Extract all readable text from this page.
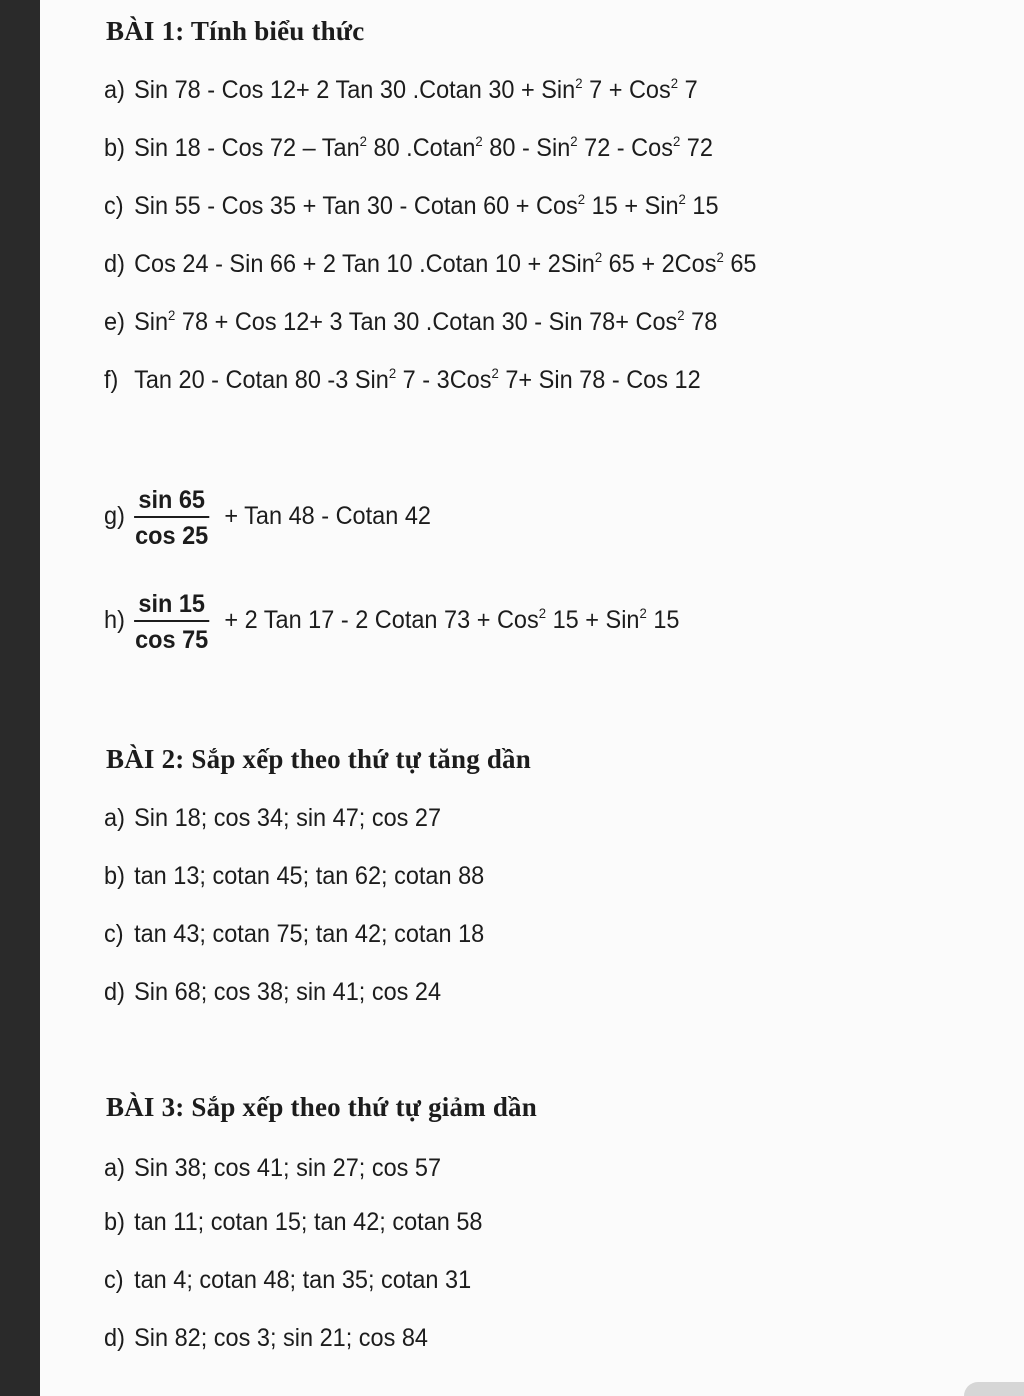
BÀI 1: Tính biểu thức
a) Sin 78 - Cos 12+ 2 Tan 30 .Cotan 30 + Sin$^2$ 7 + Cos$^2$ 7
b) Sin 18 - Cos 72 – Tan$^2$ 80 .Cotan$^2$ 80 - Sin$^2$ 72 - Cos$^2$ 72
c) Sin 55 - Cos 35 + Tan 30 - Cotan 60 + Cos$^2$ 15 + Sin$^2$ 15
d) Cos 24 - Sin 66 + 2 Tan 10 .Cotan 10 + 2Sin$^2$ 65 + 2Cos$^2$ 65
e) Sin$^2$ 78 + Cos 12+ 3 Tan 30 .Cotan 30 - Sin 78+ Cos$^2$ 78
f) Tan 20 - Cotan 80 -3 Sin$^2$ 7 - 3Cos$^2$ 7+ Sin 78 - Cos 12
g)
sin 65
cos 25
+ Tan 48 - Cotan 42
h)
sin 15
cos 75
+ 2 Tan 17 - 2 Cotan 73 + Cos$^2$ 15 + Sin$^2$ 15
BÀI 2: Sắp xếp theo thứ tự tăng dần
a) Sin 18; cos 34; sin 47; cos 27
b) tan 13; cotan 45; tan 62; cotan 88
c) tan 43; cotan 75; tan 42; cotan 18
d) Sin 68; cos 38; sin 41; cos 24
BÀI 3: Sắp xếp theo thứ tự giảm dần
a) Sin 38; cos 41; sin 27; cos 57
b) tan 11; cotan 15; tan 42; cotan 58
c) tan 4; cotan 48; tan 35; cotan 31
d) Sin 82; cos 3; sin 21; cos 84
